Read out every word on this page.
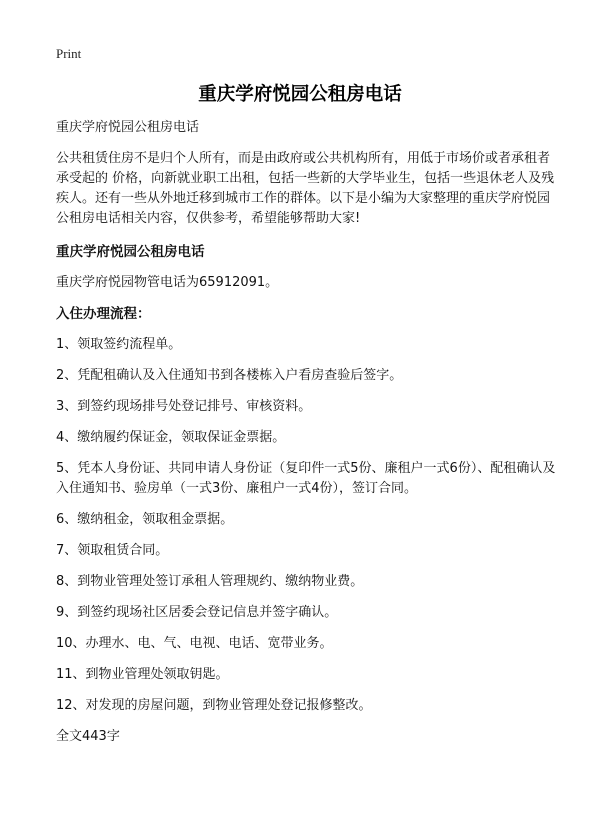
Print
重庆学府悦园公租房电话

重庆学府悦园公租房电话

公共租赁住房不是归个人所有，而是由政府或公共机构所有，用低于市场价或者承租者承受起的 价格，向新就业职工出租，包括一些新的大学毕业生，包括一些退休老人及残疾人。还有一些从外地迁移到城市工作的群体。以下是小编为大家整理的重庆学府悦园公租房电话相关内容，仅供参考，希望能够帮助大家!

重庆学府悦园公租房电话

重庆学府悦园物管电话为65912091。

入住办理流程：

1、领取签约流程单。

2、凭配租确认及入住通知书到各楼栋入户看房查验后签字。

3、到签约现场排号处登记排号、审核资料。

4、缴纳履约保证金，领取保证金票据。

5、凭本人身份证、共同申请人身份证（复印件一式5份、廉租户一式6份）、配租确认及入住通知书、验房单（一式3份、廉租户一式4份），签订合同。

6、缴纳租金，领取租金票据。

7、领取租赁合同。

8、到物业管理处签订承租人管理规约、缴纳物业费。

9、到签约现场社区居委会登记信息并签字确认。

10、办理水、电、气、电视、电话、宽带业务。

11、到物业管理处领取钥匙。

12、对发现的房屋问题，到物业管理处登记报修整改。

全文443字
